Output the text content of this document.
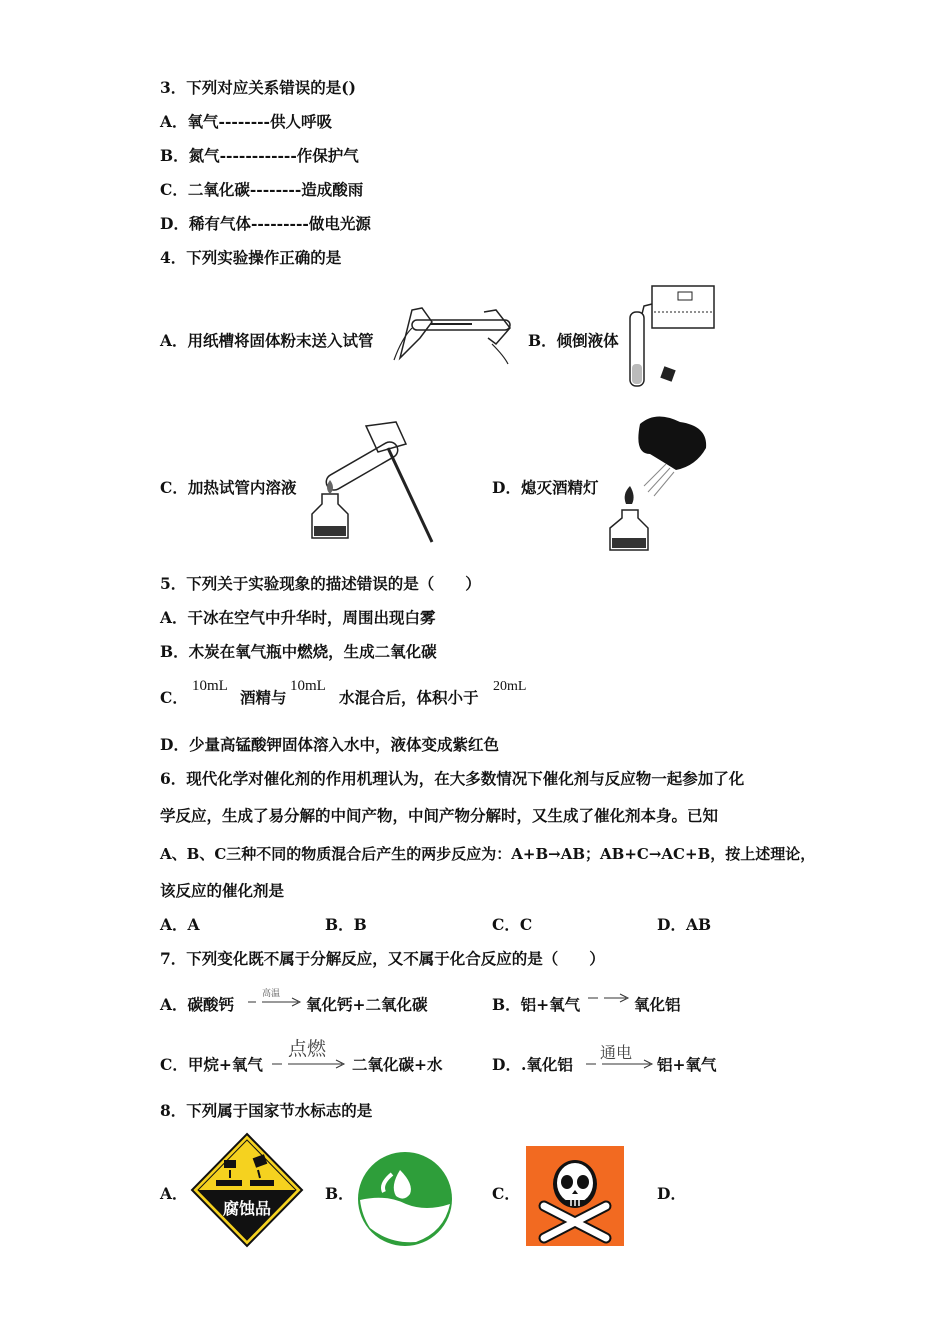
3．下列对应关系错误的是()
A．氧气--------供人呼吸
B．氮气------------作保护气
C．二氧化碳--------造成酸雨
D．稀有气体---------做电光源
4．下列实验操作正确的是
A．用纸槽将固体粉末送入试管	B．倾倒液体
C．加热试管内溶液	D．熄灭酒精灯
5．下列关于实验现象的描述错误的是（　　）
A．干冰在空气中升华时，周围出现白雾
B．木炭在氧气瓶中燃烧，生成二氧化碳
C．
10mL
酒精与
10mL
水混合后，体积小于
20mL
D．少量高锰酸钾固体溶入水中，液体变成紫红色
6．现代化学对催化剂的作用机理认为，在大多数情况下催化剂与反应物一起参加了化
学反应，生成了易分解的中间产物，中间产物分解时，又生成了催化剂本身。已知
A、B、C三种不同的物质混合后产生的两步反应为：A+B→AB；AB+C→AC+B，按上述理论，
该反应的催化剂是
A．A	B．B	C．C	D．AB
7．下列变化既不属于分解反应，又不属于化合反应的是（　　）
A．碳酸钙
高温
氧化钙+二氧化碳	B．铝+氧气	氧化铝
C．甲烷+氧气
点燃
二氧化碳+水	D．.氧化铝
通电
铝+氧气
8．下列属于国家节水标志的是
A．	B．	C．	D．
腐蚀品
